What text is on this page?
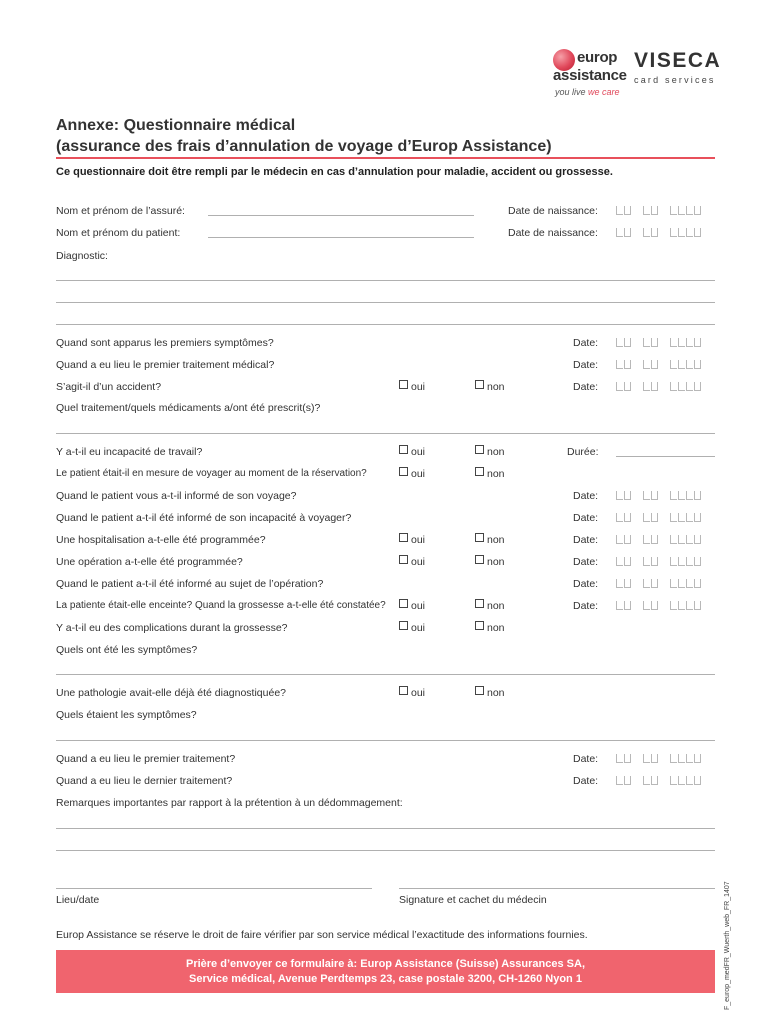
europ
assistance
you live we care
VISECA
card services
Annexe: Questionnaire médical
(assurance des frais d’annulation de voyage d’Europ Assistance)
Ce questionnaire doit être rempli par le médecin en cas d’annulation pour maladie, accident ou grossesse.
Nom et prénom de l’assuré:	Date de naissance:
Nom et prénom du patient:	Date de naissance:
Diagnostic:
Quand sont apparus les premiers symptômes?	Date:
Quand a eu lieu le premier traitement médical?	Date:
S’agit-il d’un accident?	oui	non	Date:
Quel traitement/quels médicaments a/ont été prescrit(s)?
Y a-t-il eu incapacité de travail?	oui	non	Durée:
Le patient était-il en mesure de voyager au moment de la réservation?	oui	non
Quand le patient vous a-t-il informé de son voyage?	Date:
Quand le patient a-t-il été informé de son incapacité à voyager?	Date:
Une hospitalisation a-t-elle été programmée?	oui	non	Date:
Une opération a-t-elle été programmée?	oui	non	Date:
Quand le patient a-t-il été informé au sujet de l’opération?	Date:
La patiente était-elle enceinte? Quand la grossesse a-t-elle été constatée? oui	non	Date:
Y a-t-il eu des complications durant la grossesse?	oui	non
Quels ont été les symptômes?
Une pathologie avait-elle déjà été diagnostiquée?	oui	non
Quels étaient les symptômes?
Quand a eu lieu le premier traitement?	Date:
Quand a eu lieu le dernier traitement?	Date:
Remarques importantes par rapport à la prétention à un dédommagement:
Lieu/date	Signature et cachet du médecin
Europ Assistance se réserve le droit de faire vérifier par son service médical l’exactitude des informations fournies.
Prière d’envoyer ce formulaire à: Europ Assistance (Suisse) Assurances SA,
Service médical, Avenue Perdtemps 23, case postale 3200, CH-1260 Nyon 1	F_europ_medFR_Wuerth_web_FR_1407
